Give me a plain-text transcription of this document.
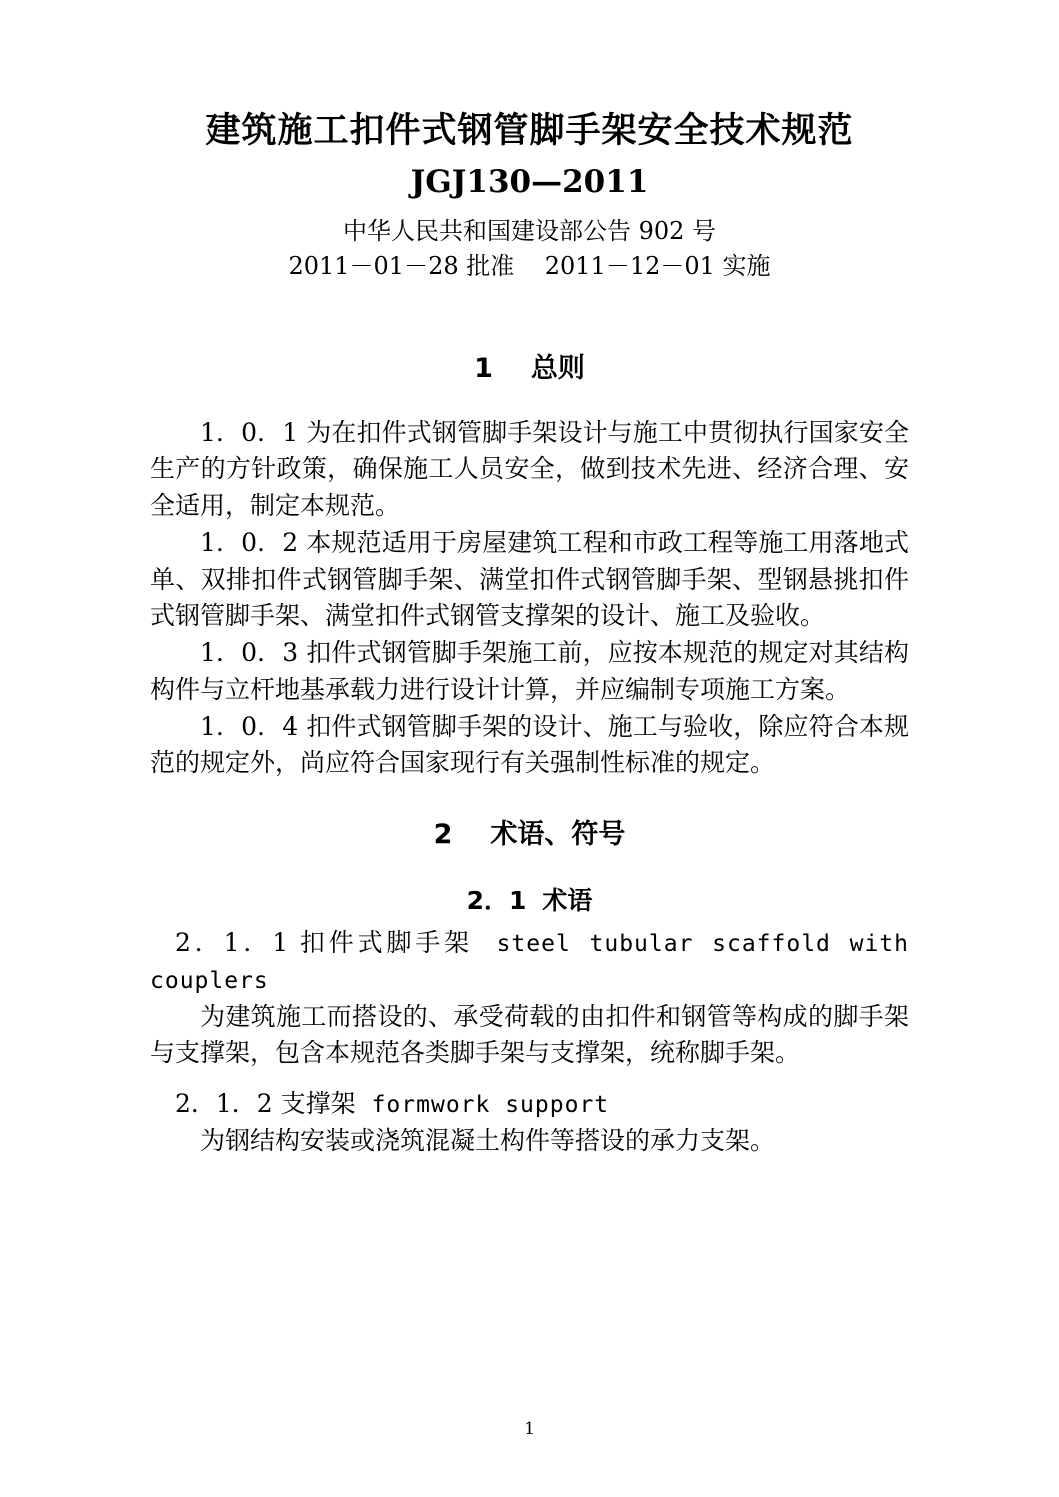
建筑施工扣件式钢管脚手架安全技术规范
JGJ130—2011
中华人民共和国建设部公告 902 号
2011－01－28 批准    2011－12－01 实施
1 总则

1．0．1 为在扣件式钢管脚手架设计与施工中贯彻执行国家安全生产的方针政策，确保施工人员安全，做到技术先进、经济合理、安全适用，制定本规范。

1．0．2 本规范适用于房屋建筑工程和市政工程等施工用落地式单、双排扣件式钢管脚手架、满堂扣件式钢管脚手架、型钢悬挑扣件式钢管脚手架、满堂扣件式钢管支撑架的设计、施工及验收。

1．0．3 扣件式钢管脚手架施工前，应按本规范的规定对其结构构件与立杆地基承载力进行设计计算，并应编制专项施工方案。

1．0．4 扣件式钢管脚手架的设计、施工与验收，除应符合本规范的规定外，尚应符合国家现行有关强制性标准的规定。

2 术语、符号
2．1 术语

2．1．1 扣件式脚手架 steel tubular scaffold with couplers

为建筑施工而搭设的、承受荷载的由扣件和钢管等构成的脚手架与支撑架，包含本规范各类脚手架与支撑架，统称脚手架。

2．1．2 支撑架 formwork support

为钢结构安装或浇筑混凝土构件等搭设的承力支架。

1
